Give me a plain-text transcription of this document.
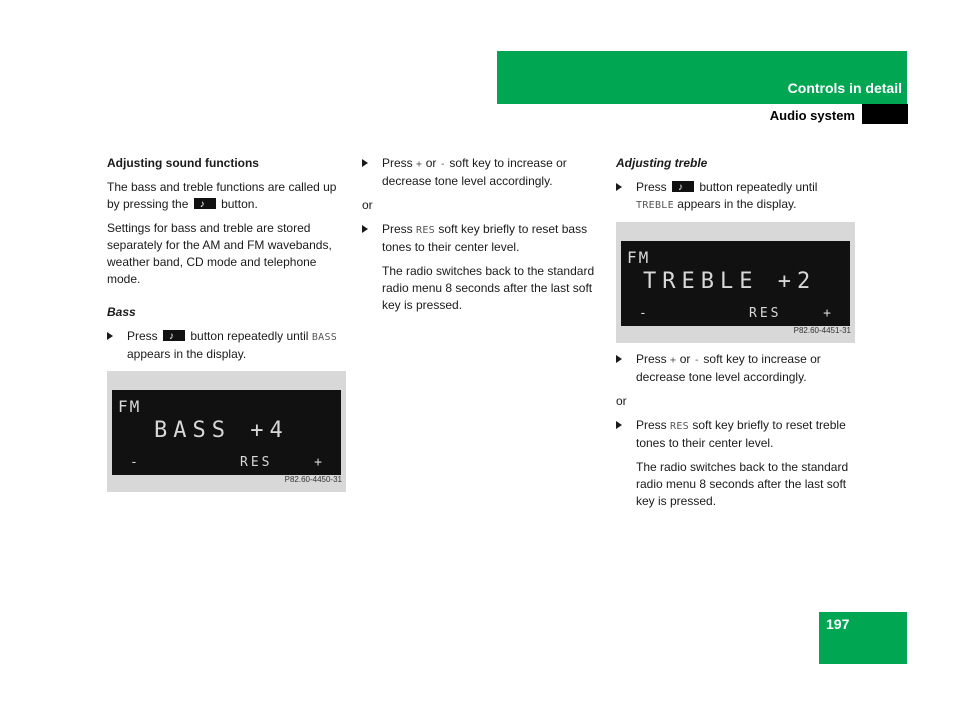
Controls in detail
Audio system
Adjusting sound functions

The bass and treble functions are called up by pressing the ♪	button.

Settings for bass and treble are stored separately for the AM and FM wavebands, weather band, CD mode and telephone mode.

Bass
Press ♪	button repeatedly until BASS appears in the display.
FM
BASS +4
-	RES	+
P82.60-4450-31
Press + or - soft key to increase or decrease tone level accordingly.

or

Press RES soft key briefly to reset bass tones to their center level.

The radio switches back to the standard radio menu 8 seconds after the last soft key is pressed.

Adjusting treble
Press ♪	button repeatedly until TREBLE appears in the display.
FM
TREBLE +2
-	RES	+
P82.60-4451-31
Press + or - soft key to increase or decrease tone level accordingly.

or

Press RES soft key briefly to reset treble tones to their center level.

The radio switches back to the standard radio menu 8 seconds after the last soft key is pressed.

197
